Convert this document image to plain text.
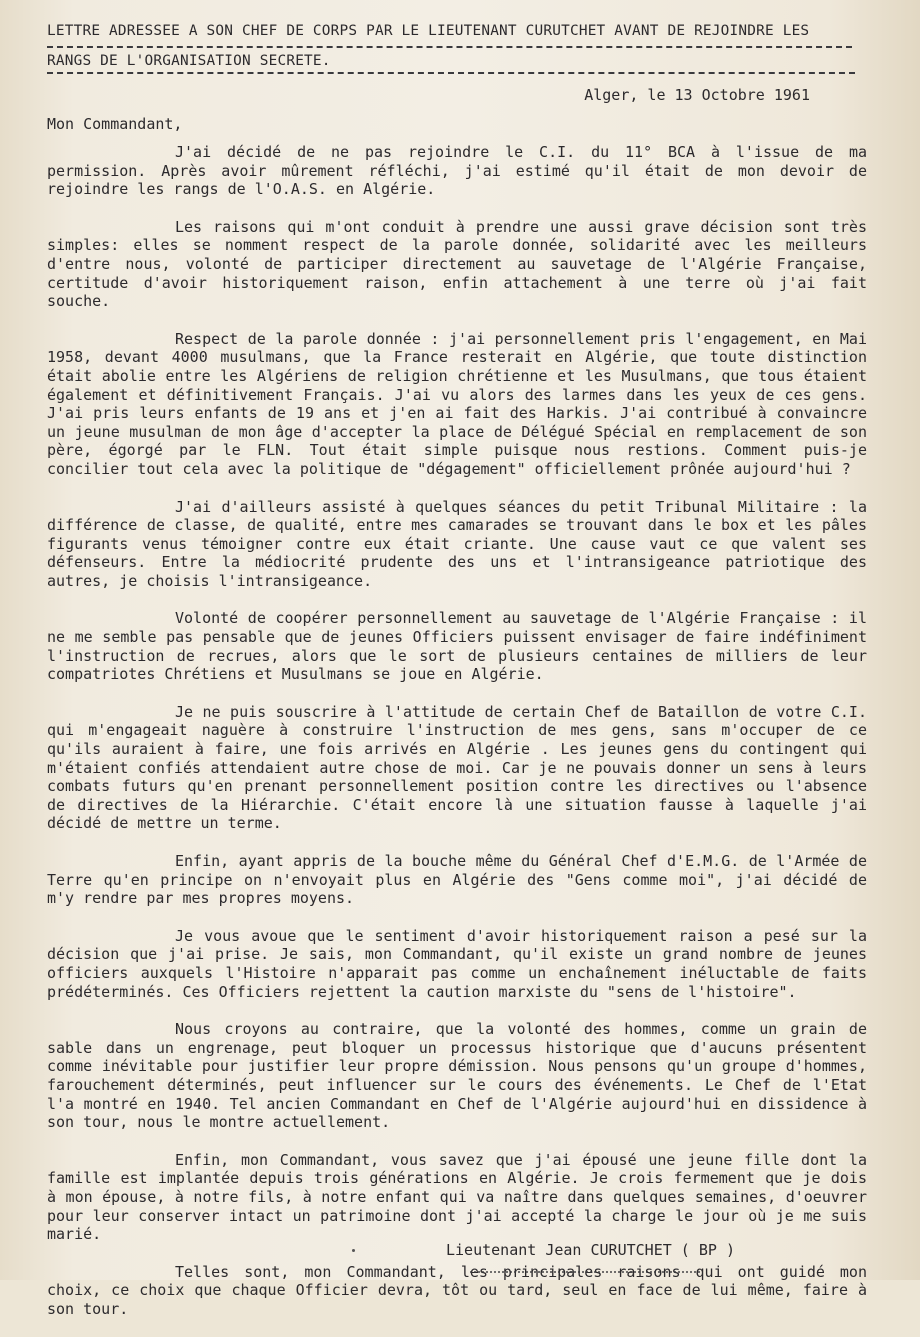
LETTRE ADRESSEE A SON CHEF DE CORPS PAR LE LIEUTENANT CURUTCHET AVANT DE REJOINDRE LES
RANGS DE L'ORGANISATION SECRETE.
Alger, le 13 Octobre 1961
Mon Commandant,

J'ai décidé de ne pas rejoindre le C.I. du 11° BCA à l'issue de ma permission. Après avoir mûrement réfléchi, j'ai estimé qu'il était de mon devoir de rejoindre les rangs de l'O.A.S. en Algérie.

Les raisons qui m'ont conduit à prendre une aussi grave décision sont très simples: elles se nomment respect de la parole donnée, solidarité avec les meilleurs d'entre nous, volonté de participer directement au sauvetage de l'Algérie Française, certitude d'avoir historiquement raison, enfin attachement à une terre où j'ai fait souche.

Respect de la parole donnée : j'ai personnellement pris l'engagement, en Mai 1958, devant 4000 musulmans, que la France resterait en Algérie, que toute distinction était abolie entre les Algériens de religion chrétienne et les Musulmans, que tous étaient également et définitivement Français. J'ai vu alors des larmes dans les yeux de ces gens. J'ai pris leurs enfants de 19 ans et j'en ai fait des Harkis. J'ai contribué à convaincre un jeune musulman de mon âge d'accepter la place de Délégué Spécial en remplacement de son père, égorgé par le FLN. Tout était simple puisque nous restions. Comment puis-je concilier tout cela avec la politique de "dégagement" officiellement prônée aujourd'hui ?

J'ai d'ailleurs assisté à quelques séances du petit Tribunal Militaire : la différence de classe, de qualité, entre mes camarades se trouvant dans le box et les pâles figurants venus témoigner contre eux était criante. Une cause vaut ce que valent ses défenseurs. Entre la médiocrité prudente des uns et l'intransigeance patriotique des autres, je choisis l'intransigeance.

Volonté de coopérer personnellement au sauvetage de l'Algérie Française : il ne me semble pas pensable que de jeunes Officiers puissent envisager de faire indéfiniment l'instruction de recrues, alors que le sort de plusieurs centaines de milliers de leur compatriotes Chrétiens et Musulmans se joue en Algérie.

Je ne puis souscrire à l'attitude de certain Chef de Bataillon de votre C.I. qui m'engageait naguère à construire l'instruction de mes gens, sans m'occuper de ce qu'ils auraient à faire, une fois arrivés en Algérie . Les jeunes gens du contingent qui m'étaient confiés attendaient autre chose de moi. Car je ne pouvais donner un sens à leurs combats futurs qu'en prenant personnellement position contre les directives ou l'absence de directives de la Hiérarchie. C'était encore là une situation fausse à laquelle j'ai décidé de mettre un terme.

Enfin, ayant appris de la bouche même du Général Chef d'E.M.G. de l'Armée de Terre qu'en principe on n'envoyait plus en Algérie des "Gens comme moi", j'ai décidé de m'y rendre par mes propres moyens.

Je vous avoue que le sentiment d'avoir historiquement raison a pesé sur la décision que j'ai prise. Je sais, mon Commandant, qu'il existe un grand nombre de jeunes officiers auxquels l'Histoire n'apparait pas comme un enchaînement inéluctable de faits prédéterminés. Ces Officiers rejettent la caution marxiste du "sens de l'histoire".

Nous croyons au contraire, que la volonté des hommes, comme un grain de sable dans un engrenage, peut bloquer un processus historique que d'aucuns présentent comme inévitable pour justifier leur propre démission. Nous pensons qu'un groupe d'hommes, farouchement déterminés, peut influencer sur le cours des événements. Le Chef de l'Etat l'a montré en 1940. Tel ancien Commandant en Chef de l'Algérie aujourd'hui en dissidence à son tour, nous le montre actuellement.

Enfin, mon Commandant, vous savez que j'ai épousé une jeune fille dont la famille est implantée depuis trois générations en Algérie. Je crois fermement que je dois à mon épouse, à notre fils, à notre enfant qui va naître dans quelques semaines, d'oeuvrer pour leur conserver intact un patrimoine dont j'ai accepté la charge le jour où je me suis marié.

Telles sont, mon Commandant, les principales raisons qui ont guidé mon choix, ce choix que chaque Officier devra, tôt ou tard, seul en face de lui même, faire à son tour.

Lieutenant Jean CURUTCHET ( BP )
